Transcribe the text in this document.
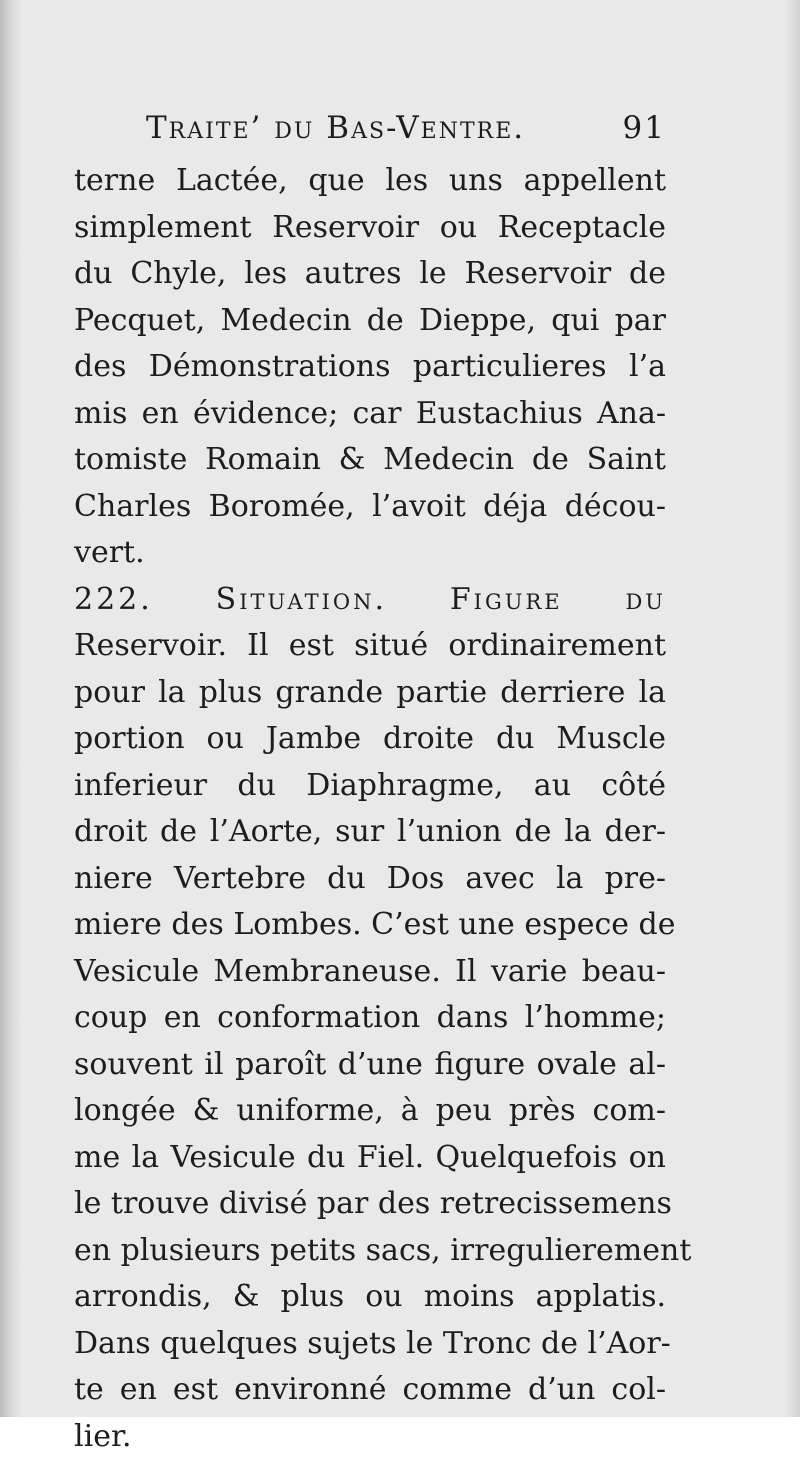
Traite’ du Bas-Ventre.	91
terne Lactée, que les uns appellent
simplement Reservoir ou Receptacle
du Chyle, les autres le Reservoir de
Pecquet, Medecin de Dieppe, qui par
des Démonstrations particulieres l’a
mis en évidence; car Eustachius Ana-
tomiste Romain & Medecin de Saint
Charles Boromée, l’avoit déja décou-
vert.
222. Situation. Figure du
Reservoir. Il est situé ordinairement
pour la plus grande partie derriere la
portion ou Jambe droite du Muscle
inferieur du Diaphragme, au côté
droit de l’Aorte, sur l’union de la der-
niere Vertebre du Dos avec la pre-
miere des Lombes. C’est une espece de
Vesicule Membraneuse. Il varie beau-
coup en conformation dans l’homme;
souvent il paroît d’une figure ovale al-
longée & uniforme, à peu près com-
me la Vesicule du Fiel. Quelquefois on
le trouve divisé par des retrecissemens
en plusieurs petits sacs, irregulierement
arrondis, & plus ou moins applatis.
Dans quelques sujets le Tronc de l’Aor-
te en est environné comme d’un col-
lier.
